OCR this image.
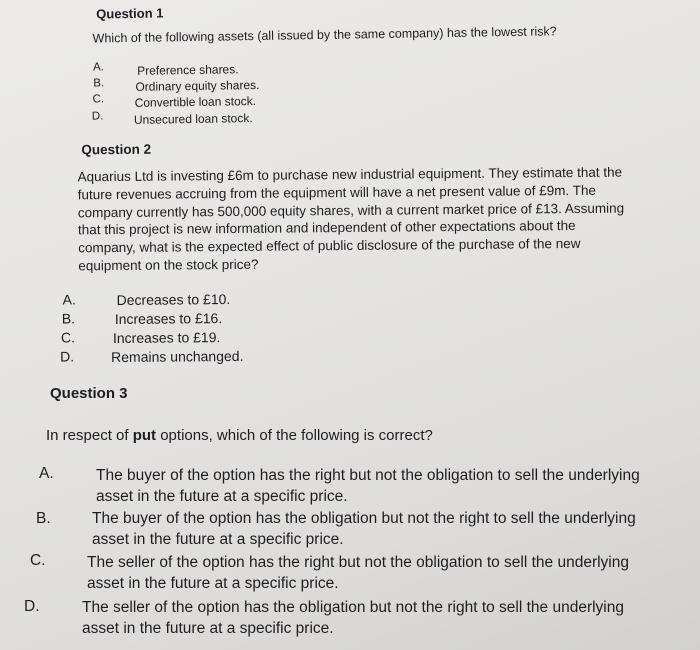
Question 1
Which of the following assets (all issued by the same company) has the lowest risk?
A.	Preference shares.
B.	Ordinary equity shares.
C.	Convertible loan stock.
D.	Unsecured loan stock.
Question 2
Aquarius Ltd is investing £6m to purchase new industrial equipment. They estimate that the
future revenues accruing from the equipment will have a net present value of £9m. The
company currently has 500,000 equity shares, with a current market price of £13. Assuming
that this project is new information and independent of other expectations about the
company, what is the expected effect of public disclosure of the purchase of the new
equipment on the stock price?
A.	Decreases to £10.
B.	Increases to £16.
C.	Increases to £19.
D.	Remains unchanged.
Question 3
In respect of put options, which of the following is correct?
A.	The buyer of the option has the right but not the obligation to sell the underlying
asset in the future at a specific price.
B.	The buyer of the option has the obligation but not the right to sell the underlying
asset in the future at a specific price.
C.	The seller of the option has the right but not the obligation to sell the underlying
asset in the future at a specific price.
D.	The seller of the option has the obligation but not the right to sell the underlying
asset in the future at a specific price.
